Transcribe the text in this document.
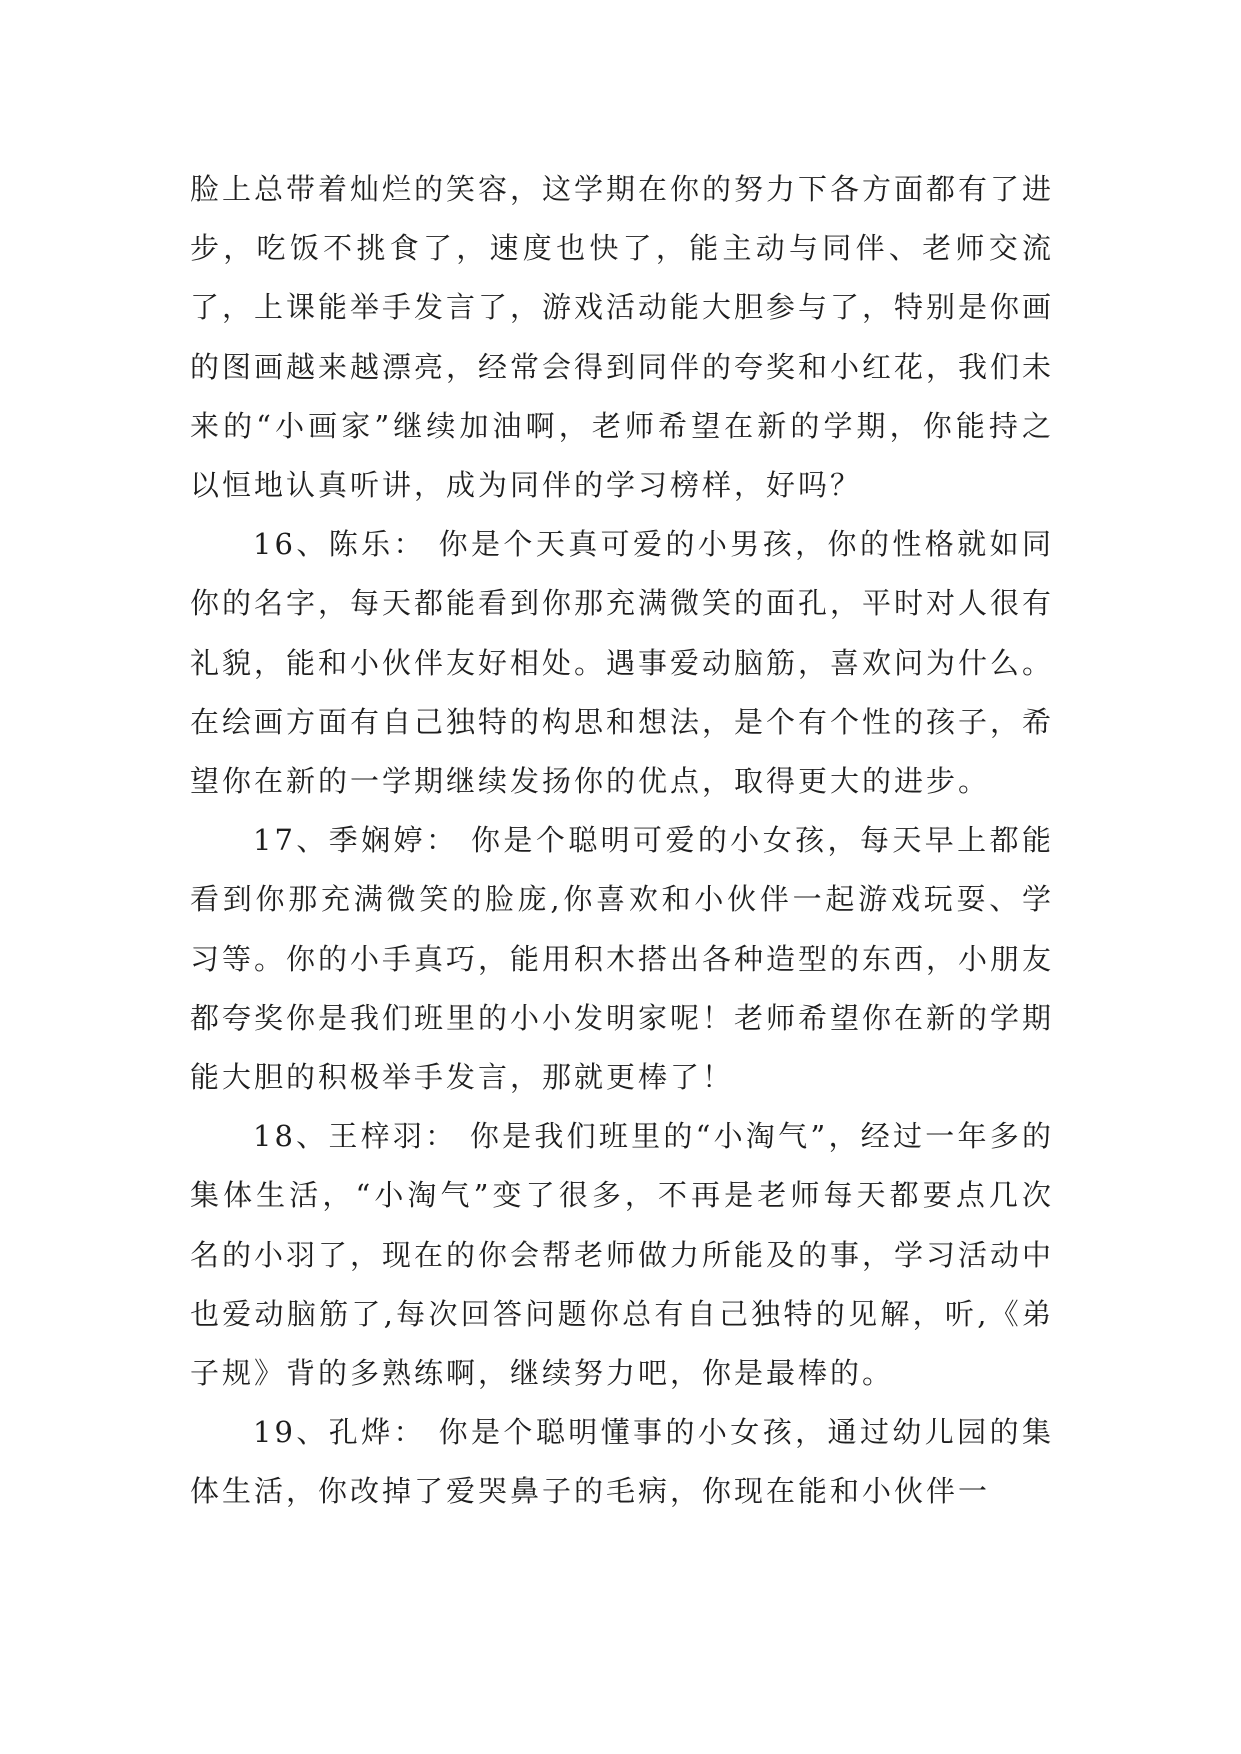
脸上总带着灿烂的笑容，这学期在你的努力下各方面都有了进步，吃饭不挑食了，速度也快了，能主动与同伴、老师交流了，上课能举手发言了，游戏活动能大胆参与了，特别是你画的图画越来越漂亮，经常会得到同伴的夸奖和小红花，我们未来的“小画家”继续加油啊，老师希望在新的学期，你能持之以恒地认真听讲，成为同伴的学习榜样，好吗？

16、陈乐： 你是个天真可爱的小男孩，你的性格就如同你的名字，每天都能看到你那充满微笑的面孔，平时对人很有礼貌，能和小伙伴友好相处。遇事爱动脑筋，喜欢问为什么。在绘画方面有自己独特的构思和想法，是个有个性的孩子，希望你在新的一学期继续发扬你的优点，取得更大的进步。

17、季娴婷： 你是个聪明可爱的小女孩，每天早上都能看到你那充满微笑的脸庞,你喜欢和小伙伴一起游戏玩耍、学习等。你的小手真巧，能用积木搭出各种造型的东西，小朋友都夸奖你是我们班里的小小发明家呢！老师希望你在新的学期能大胆的积极举手发言，那就更棒了！

18、王梓羽： 你是我们班里的“小淘气”，经过一年多的集体生活，“小淘气”变了很多，不再是老师每天都要点几次名的小羽了，现在的你会帮老师做力所能及的事，学习活动中也爱动脑筋了,每次回答问题你总有自己独特的见解，听,《弟子规》背的多熟练啊，继续努力吧，你是最棒的。

19、孔烨： 你是个聪明懂事的小女孩，通过幼儿园的集体生活，你改掉了爱哭鼻子的毛病，你现在能和小伙伴一
